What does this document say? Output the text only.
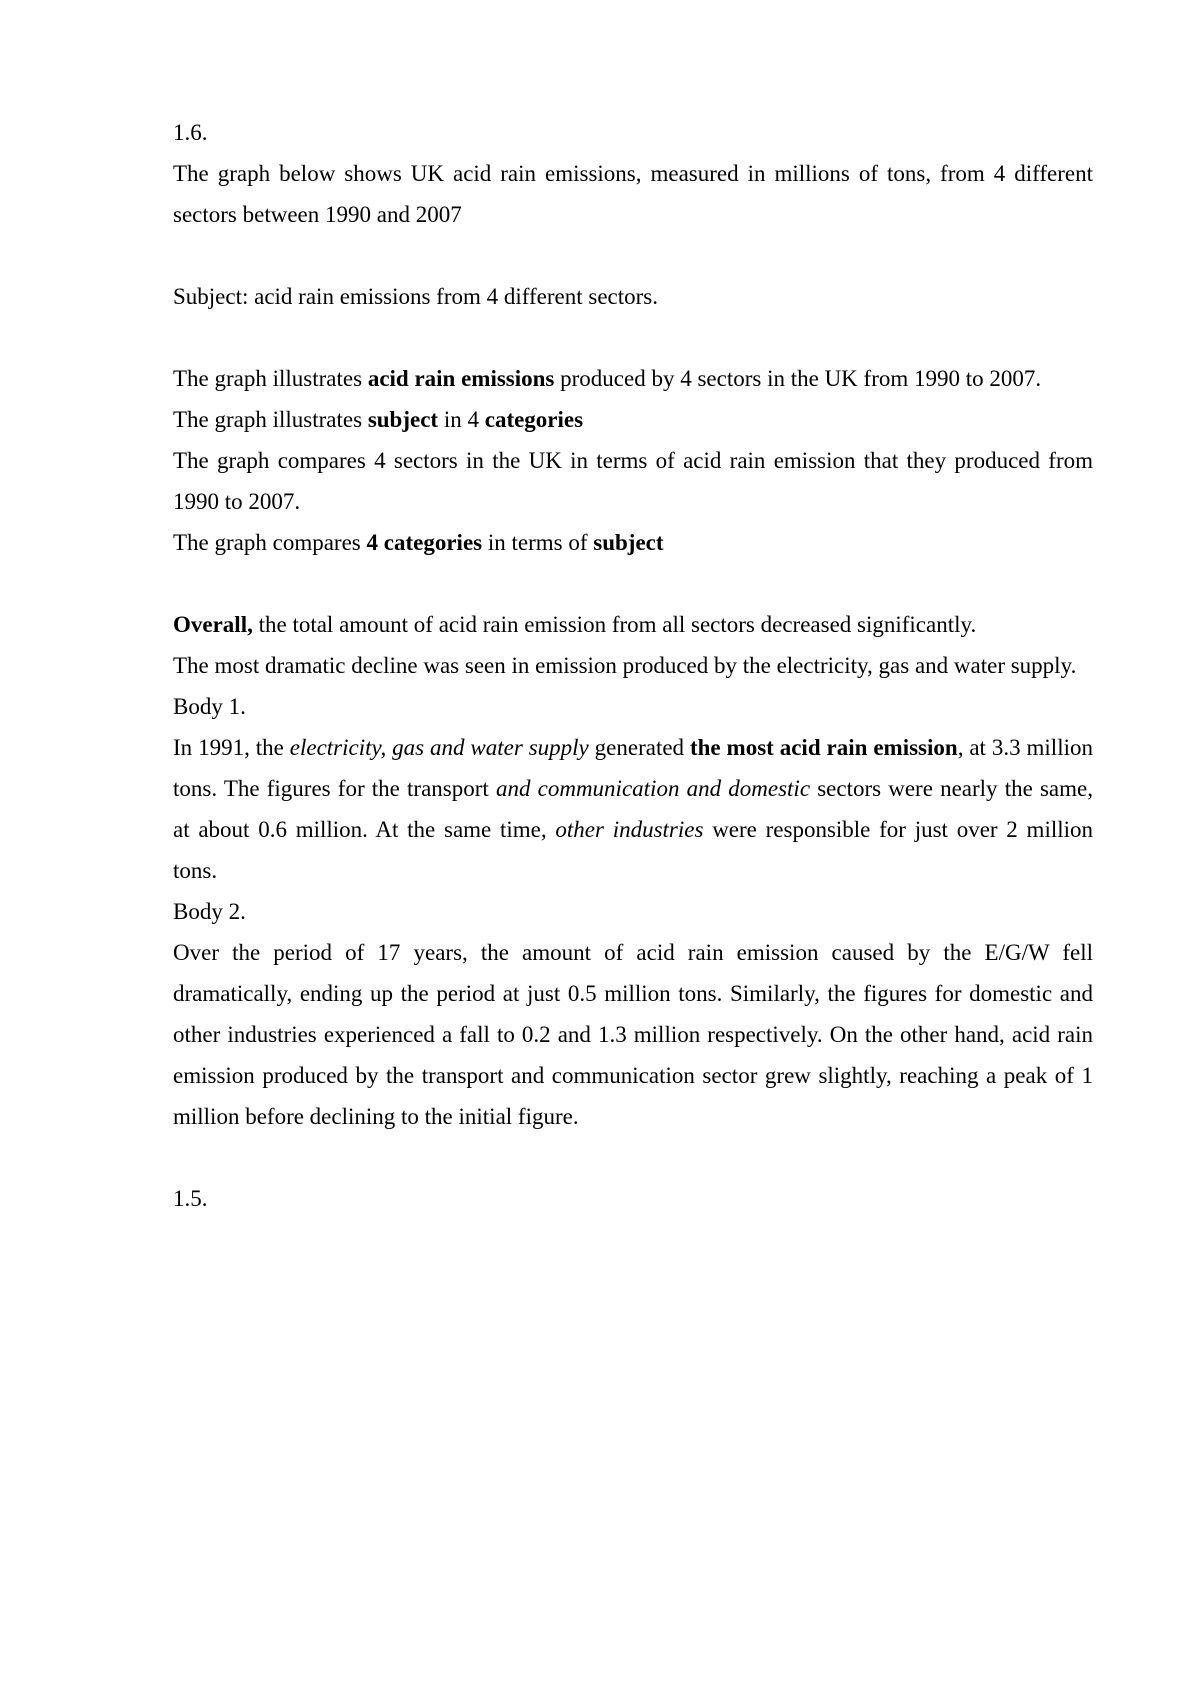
1.6.

The graph below shows UK acid rain emissions, measured in millions of tons, from 4 different sectors between 1990 and 2007

Subject: acid rain emissions from 4 different sectors.

The graph illustrates acid rain emissions produced by 4 sectors in the UK from 1990 to 2007.

The graph illustrates subject in 4 categories

The graph compares 4 sectors in the UK in terms of acid rain emission that they produced from 1990 to 2007.

The graph compares 4 categories in terms of subject

Overall, the total amount of acid rain emission from all sectors decreased significantly.

The most dramatic decline was seen in emission produced by the electricity, gas and water supply.

Body 1.

In 1991, the electricity, gas and water supply generated the most acid rain emission, at 3.3 million tons. The figures for the transport and communication and domestic sectors were nearly the same, at about 0.6 million. At the same time, other industries were responsible for just over 2 million tons.

Body 2.

Over the period of 17 years, the amount of acid rain emission caused by the E/G/W fell dramatically, ending up the period at just 0.5 million tons. Similarly, the figures for domestic and other industries experienced a fall to 0.2 and 1.3 million respectively. On the other hand, acid rain emission produced by the transport and communication sector grew slightly, reaching a peak of 1 million before declining to the initial figure.

1.5.
